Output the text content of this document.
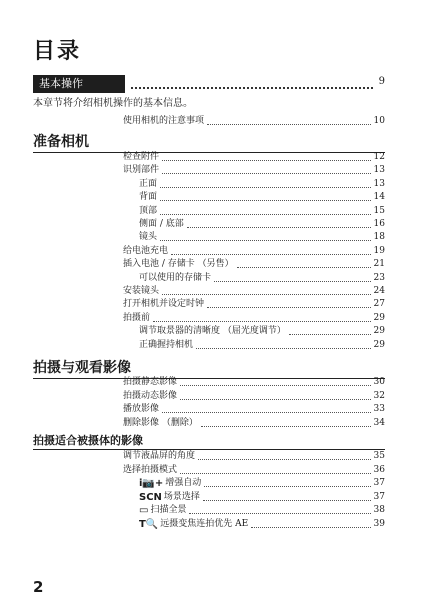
目录
基本操作	9
本章节将介绍相机操作的基本信息。
使用相机的注意事项	10
准备相机
检查附件	12
识别部件	13
正面	13
背面	14
顶部	15
侧面 / 底部	16
镜头	18
给电池充电	19
插入电池 / 存储卡 （另售）	21
可以使用的存储卡	23
安装镜头	24
打开相机并设定时钟	27
拍摄前	29
调节取景器的清晰度 （屈光度调节）	29
正确握持相机	29
拍摄与观看影像
拍摄静态影像	30
拍摄动态影像	32
播放影像	33
删除影像 （删除）	34
拍摄适合被摄体的影像
调节液晶屏的角度	35
选择拍摄模式	36
i📷+ 增强自动	37
SCN 场景选择	37
▭ 扫描全景	38
T🔍 远摄变焦连拍优先 AE	39
2
